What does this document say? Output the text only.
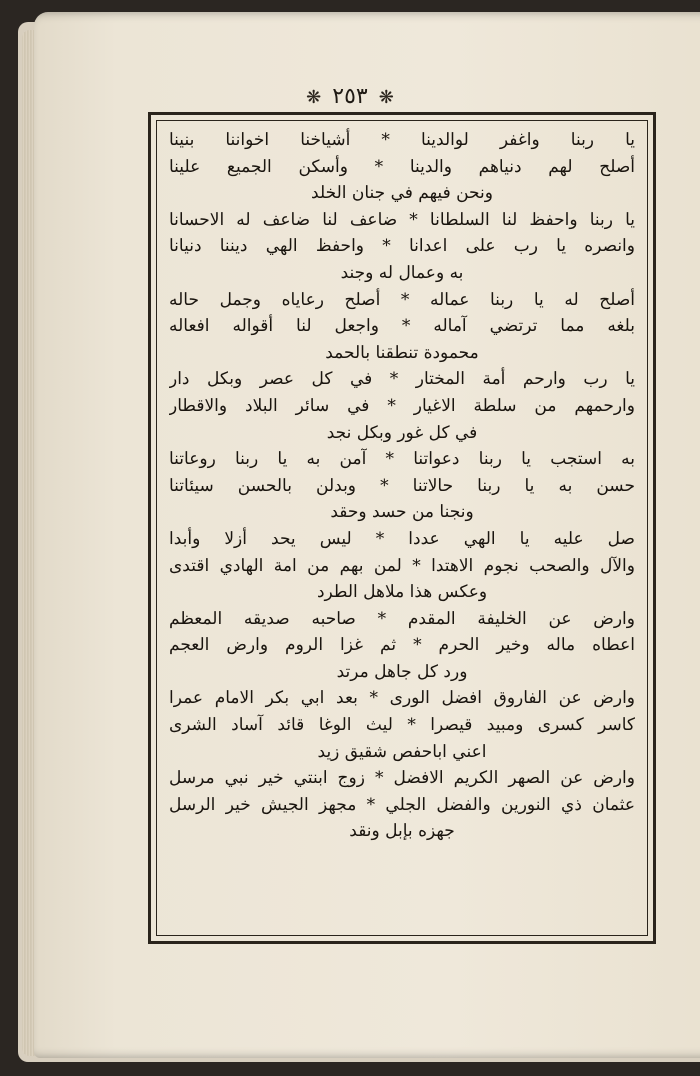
❋ ٢٥٣ ❋
يا ربنا واغفر لوالدينا * أشياخنا اخواننا بنينا
أصلح لهم دنياهم والدينا * وأسكن الجميع علينا
ونحن فيهم في جنان الخلد
يا ربنا واحفظ لنا السلطانا * ضاعف لنا ضاعف له الاحسانا
وانصره يا رب على اعدانا * واحفظ الهي ديننا دنيانا
به وعمال له وجند
أصلح له يا ربنا عماله * أصلح رعاياه وجمل حاله
بلغه مما ترتضي آماله * واجعل لنا أقواله افعاله
محمودة تنطقنا بالحمد
يا رب وارحم أمة المختار * في كل عصر وبكل دار
وارحمهم من سلطة الاغيار * في سائر البلاد والاقطار
في كل غور وبكل نجد
به استجب يا ربنا دعواتنا * آمن به يا ربنا روعاتنا
حسن به يا ربنا حالاتنا * وبدلن بالحسن سيئاتنا
ونجنا من حسد وحقد
صل عليه يا الهي عددا * ليس يحد أزلا وأبدا
والآل والصحب نجوم الاهتدا * لمن بهم من امة الهادي اقتدى
وعكس هذا ملاهل الطرد
وارض عن الخليفة المقدم * صاحبه صديقه المعظم
اعطاه ماله وخير الحرم * ثم غزا الروم وارض العجم
ورد كل جاهل مرتد
وارض عن الفاروق افضل الورى * بعد ابي بكر الامام عمرا
كاسر كسرى ومبيد قيصرا * ليث الوغا قائد آساد الشرى
اعني اباحفص شقيق زيد
وارض عن الصهر الكريم الافضل * زوج ابنتي خير نبي مرسل
عثمان ذي النورين والفضل الجلي * مجهز الجيش خير الرسل
جهزه بإبل ونقد
